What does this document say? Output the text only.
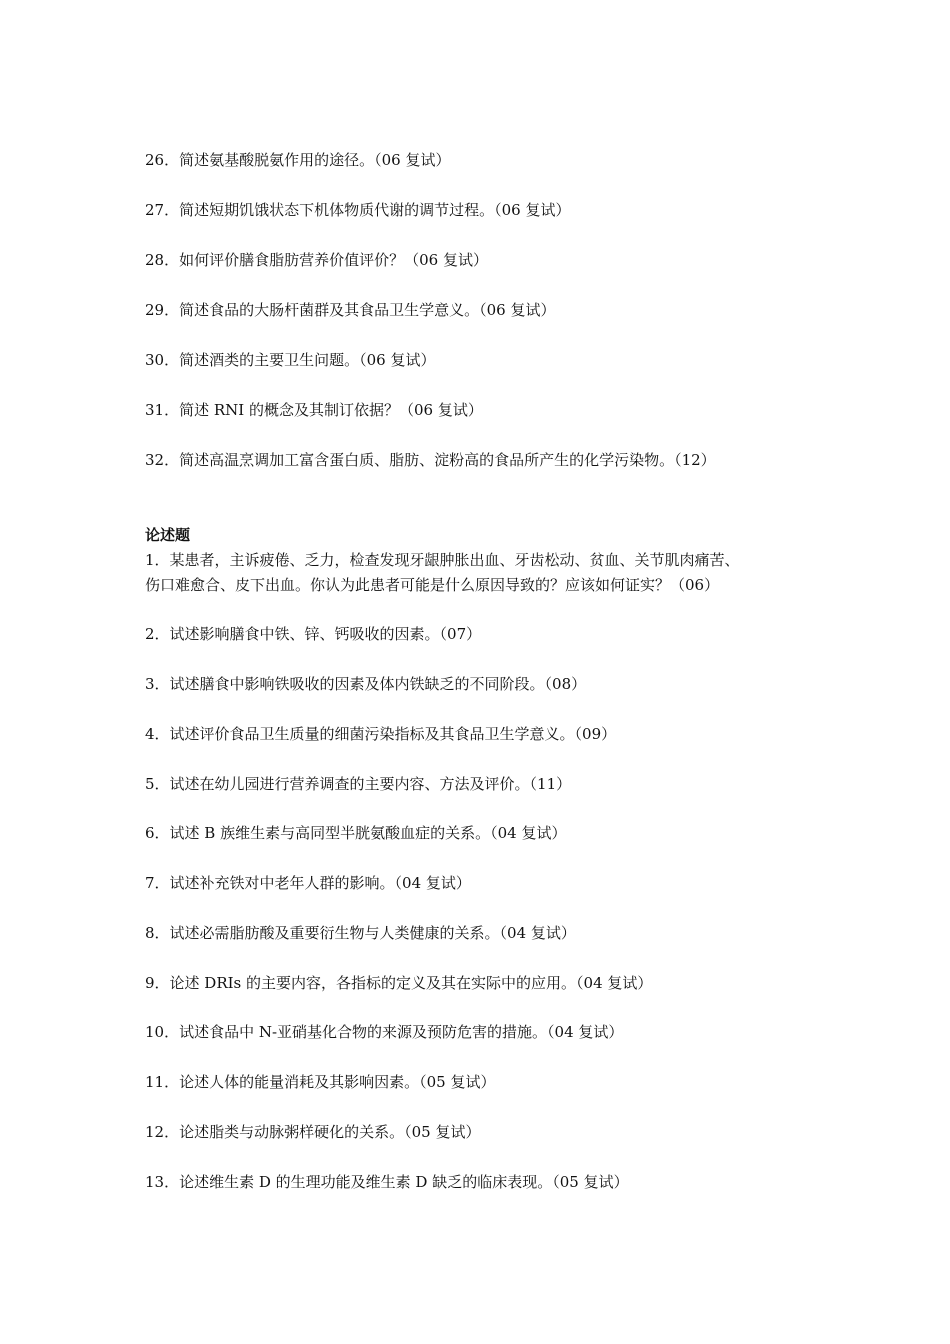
26．简述氨基酸脱氨作用的途径。（06 复试）
27．简述短期饥饿状态下机体物质代谢的调节过程。（06 复试）
28．如何评价膳食脂肪营养价值评价？（06 复试）
29．简述食品的大肠杆菌群及其食品卫生学意义。（06 复试）
30．简述酒类的主要卫生问题。（06 复试）
31．简述 RNI 的概念及其制订依据？（06 复试）
32．简述高温烹调加工富含蛋白质、脂肪、淀粉高的食品所产生的化学污染物。（12）
论述题
1．某患者，主诉疲倦、乏力，检查发现牙龈肿胀出血、牙齿松动、贫血、关节肌肉痛苦、
伤口难愈合、皮下出血。你认为此患者可能是什么原因导致的？应该如何证实？（06）
2．试述影响膳食中铁、锌、钙吸收的因素。（07）
3．试述膳食中影响铁吸收的因素及体内铁缺乏的不同阶段。（08）
4．试述评价食品卫生质量的细菌污染指标及其食品卫生学意义。（09）
5．试述在幼儿园进行营养调查的主要内容、方法及评价。（11）
6．试述 B 族维生素与高同型半胱氨酸血症的关系。（04 复试）
7．试述补充铁对中老年人群的影响。（04 复试）
8．试述必需脂肪酸及重要衍生物与人类健康的关系。（04 复试）
9．论述 DRIs 的主要内容，各指标的定义及其在实际中的应用。（04 复试）
10．试述食品中 N-亚硝基化合物的来源及预防危害的措施。（04 复试）
11．论述人体的能量消耗及其影响因素。（05 复试）
12．论述脂类与动脉粥样硬化的关系。（05 复试）
13．论述维生素 D 的生理功能及维生素 D 缺乏的临床表现。（05 复试）
